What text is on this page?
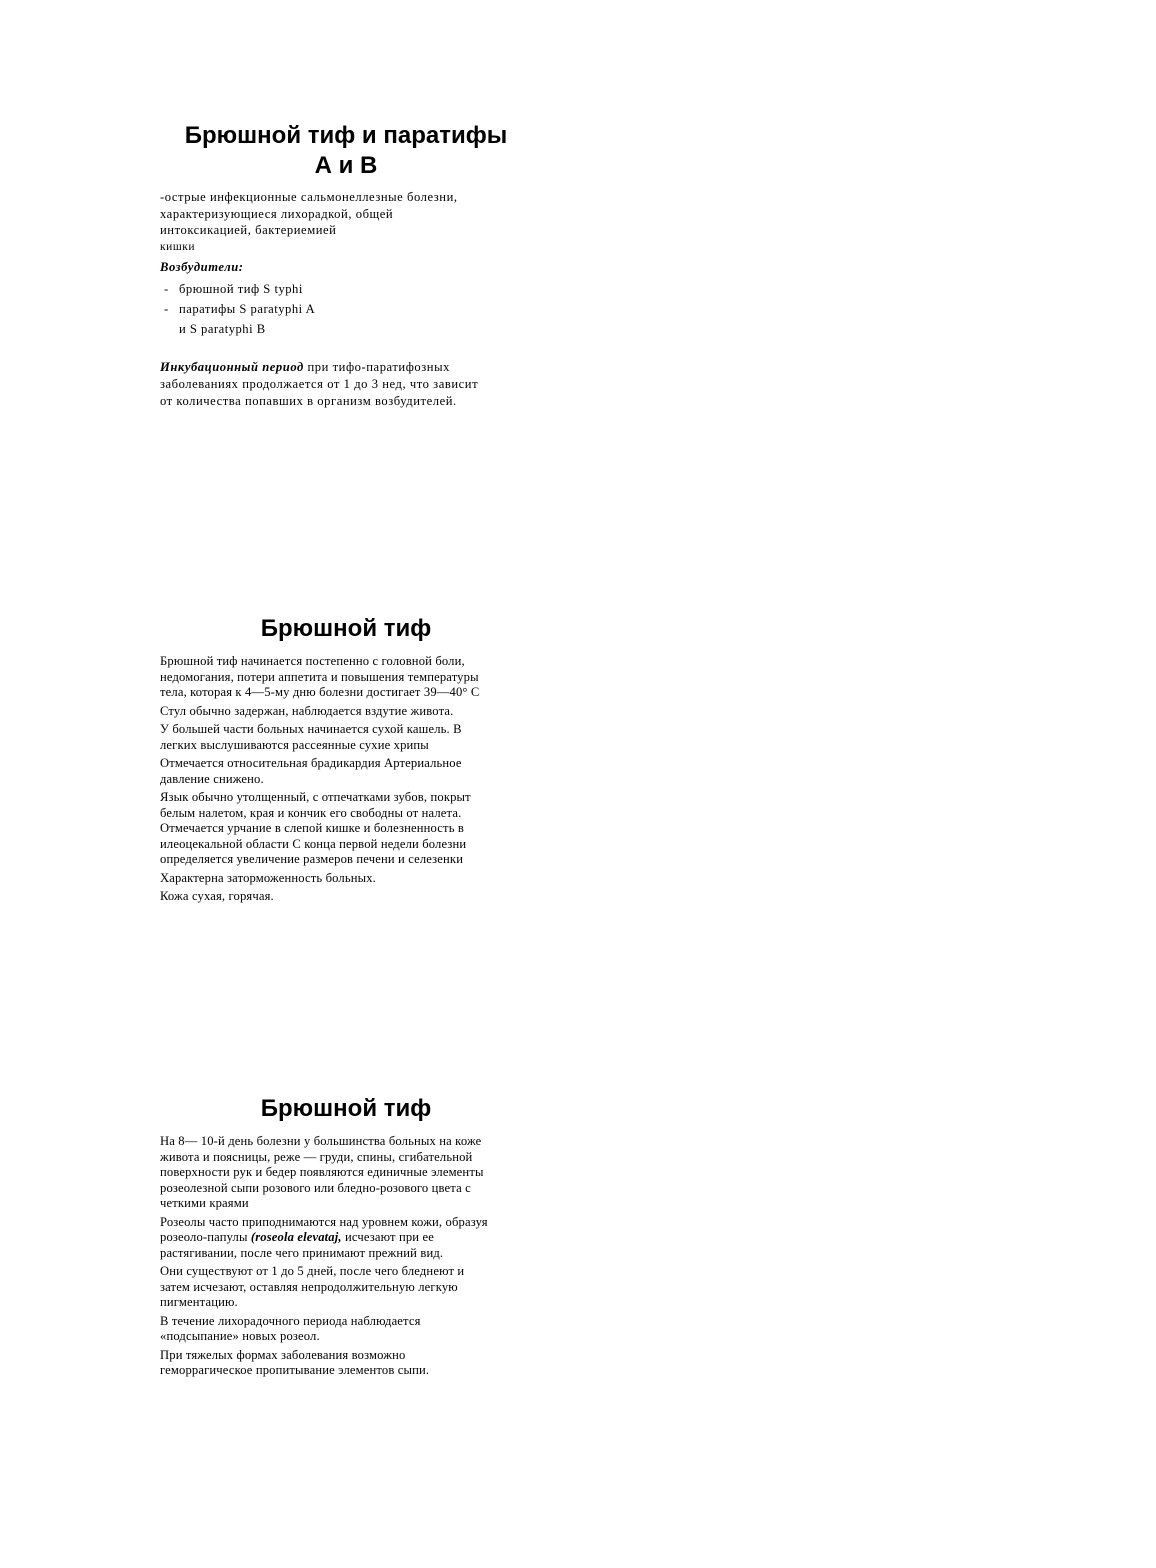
Брюшной тиф и паратифы
А и В
-острые инфекционные сальмонеллезные болезни,
характеризующиеся лихорадкой, общей
интоксикацией, бактериемией
кишки
Возбудители:
- брюшной тиф S typhi
- паратифы S paratyphi A
и S paratyphi B
Инкубационный период при тифо-паратифозных
заболеваниях продолжается от 1 до 3 нед, что зависит
от количества попавших в организм возбудителей.
Брюшной тиф
Брюшной тиф начинается постепенно с головной боли,
недомогания, потери аппетита и повышения температуры
тела, которая к 4—5-му дню болезни достигает 39—40° С
Стул обычно задержан, наблюдается вздутие живота.
У большей части больных начинается сухой кашель. В
легких выслушиваются рассеянные сухие хрипы
Отмечается относительная брадикардия Артериальное
давление снижено.
Язык обычно утолщенный, с отпечатками зубов, покрыт
белым налетом, края и кончик его свободны от налета.
Отмечается урчание в слепой кишке и болезненность в
илеоцекальной области С конца первой недели болезни
определяется увеличение размеров печени и селезенки
Характерна заторможенность больных.
Кожа сухая, горячая.
Брюшной тиф
На 8— 10-й день болезни у большинства больных на коже
живота и поясницы, реже — груди, спины, сгибательной
поверхности рук и бедер появляются единичные элементы
розеолезной сыпи розового или бледно-розового цвета с
четкими краями
Розеолы часто приподнимаются над уровнем кожи, образуя
розеоло-папулы (roseola elevataj, исчезают при ее
растягивании, после чего принимают прежний вид.
Они существуют от 1 до 5 дней, после чего бледнеют и
затем исчезают, оставляя непродолжительную легкую
пигментацию.
В течение лихорадочного периода наблюдается
«подсыпание» новых розеол.
При тяжелых формах заболевания возможно
геморрагическое пропитывание элементов сыпи.
